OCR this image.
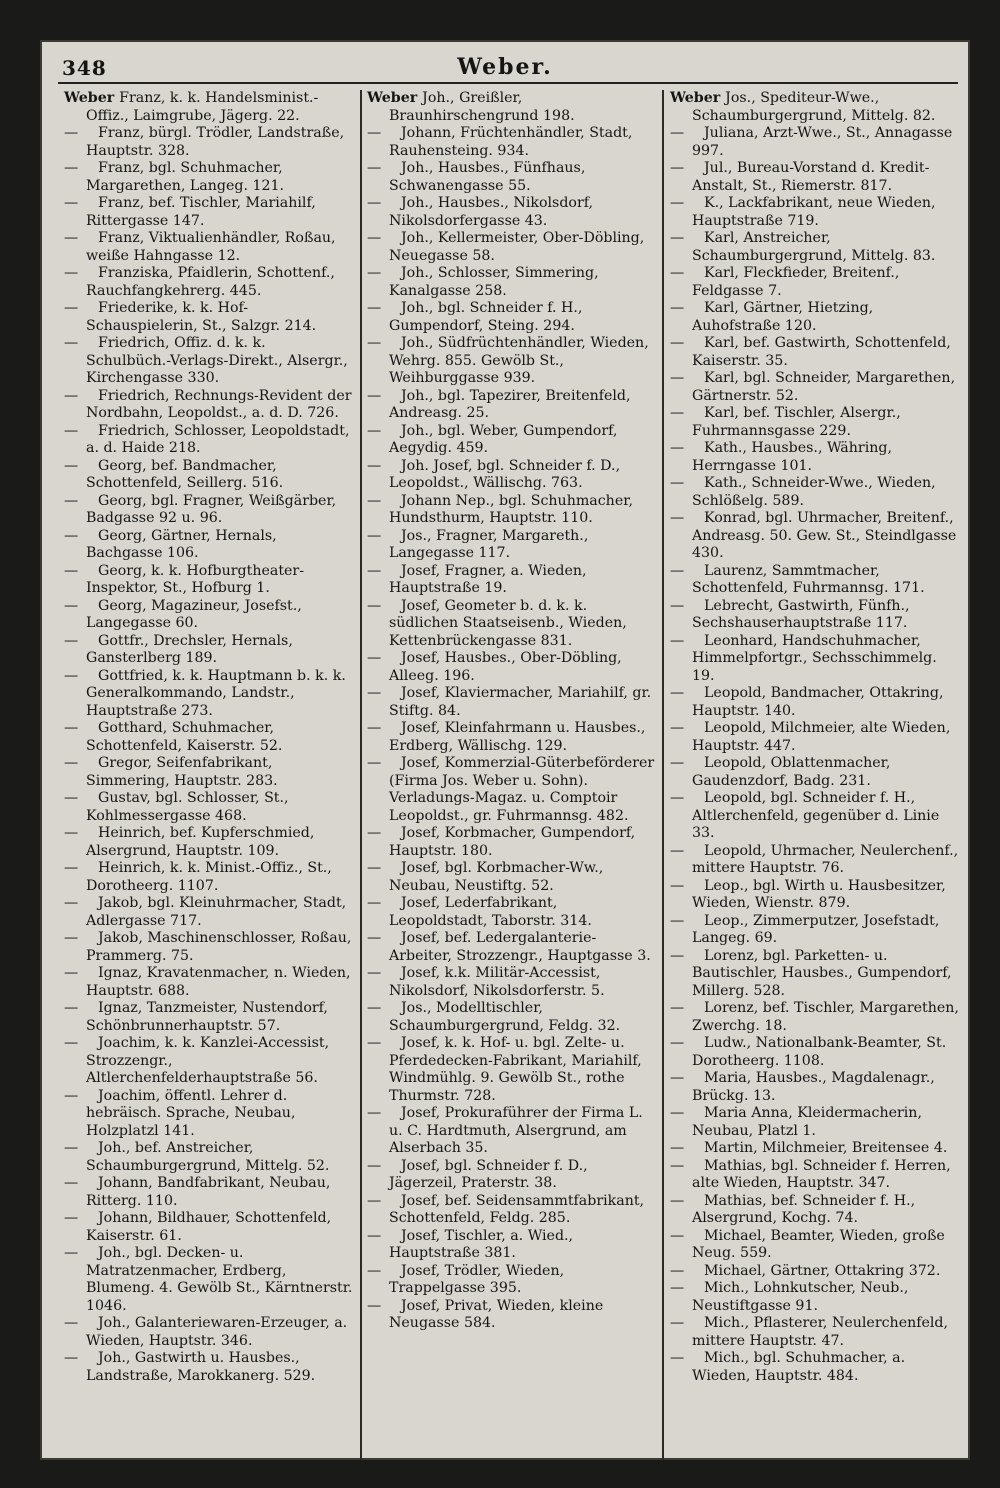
348	Weber.

Weber Franz, k. k. Handelsminist.-Offiz., Laimgrube, Jägerg. 22.

—Franz, bürgl. Trödler, Landstraße, Hauptstr. 328.

—Franz, bgl. Schuhmacher, Margarethen, Langeg. 121.

—Franz, bef. Tischler, Mariahilf, Rittergasse 147.

—Franz, Viktualienhändler, Roßau, weiße Hahngasse 12.

—Franziska, Pfaidlerin, Schottenf., Rauchfangkehrerg. 445.

—Friederike, k. k. Hof-Schauspielerin, St., Salzgr. 214.

—Friedrich, Offiz. d. k. k. Schulbüch.-Verlags-Direkt., Alsergr., Kirchengasse 330.

—Friedrich, Rechnungs-Revident der Nordbahn, Leopoldst., a. d. D. 726.

—Friedrich, Schlosser, Leopoldstadt, a. d. Haide 218.

—Georg, bef. Bandmacher, Schottenfeld, Seillerg. 516.

—Georg, bgl. Fragner, Weißgärber, Badgasse 92 u. 96.

—Georg, Gärtner, Hernals, Bachgasse 106.

—Georg, k. k. Hofburgtheater-Inspektor, St., Hofburg 1.

—Georg, Magazineur, Josefst., Langegasse 60.

—Gottfr., Drechsler, Hernals, Gansterlberg 189.

—Gottfried, k. k. Hauptmann b. k. k. Generalkommando, Landstr., Hauptstraße 273.

—Gotthard, Schuhmacher, Schottenfeld, Kaiserstr. 52.

—Gregor, Seifenfabrikant, Simmering, Hauptstr. 283.

—Gustav, bgl. Schlosser, St., Kohlmessergasse 468.

—Heinrich, bef. Kupferschmied, Alsergrund, Hauptstr. 109.

—Heinrich, k. k. Minist.-Offiz., St., Dorotheerg. 1107.

—Jakob, bgl. Kleinuhrmacher, Stadt, Adlergasse 717.

—Jakob, Maschinenschlosser, Roßau, Prammerg. 75.

—Ignaz, Kravatenmacher, n. Wieden, Hauptstr. 688.

—Ignaz, Tanzmeister, Nustendorf, Schönbrunnerhauptstr. 57.

—Joachim, k. k. Kanzlei-Accessist, Strozzengr., Altlerchenfelderhauptstraße 56.

—Joachim, öffentl. Lehrer d. hebräisch. Sprache, Neubau, Holzplatzl 141.

—Joh., bef. Anstreicher, Schaumburgergrund, Mittelg. 52.

—Johann, Bandfabrikant, Neubau, Ritterg. 110.

—Johann, Bildhauer, Schottenfeld, Kaiserstr. 61.

—Joh., bgl. Decken- u. Matratzenmacher, Erdberg, Blumeng. 4. Gewölb St., Kärntnerstr. 1046.

—Joh., Galanteriewaren-Erzeuger, a. Wieden, Hauptstr. 346.

—Joh., Gastwirth u. Hausbes., Landstraße, Marokkanerg. 529.

Weber Joh., Greißler, Braunhirschengrund 198.

—Johann, Früchtenhändler, Stadt, Rauhensteing. 934.

—Joh., Hausbes., Fünfhaus, Schwanengasse 55.

—Joh., Hausbes., Nikolsdorf, Nikolsdorfergasse 43.

—Joh., Kellermeister, Ober-Döbling, Neuegasse 58.

—Joh., Schlosser, Simmering, Kanalgasse 258.

—Joh., bgl. Schneider f. H., Gumpendorf, Steing. 294.

—Joh., Südfrüchtenhändler, Wieden, Wehrg. 855. Gewölb St., Weihburggasse 939.

—Joh., bgl. Tapezirer, Breitenfeld, Andreasg. 25.

—Joh., bgl. Weber, Gumpendorf, Aegydig. 459.

—Joh. Josef, bgl. Schneider f. D., Leopoldst., Wällischg. 763.

—Johann Nep., bgl. Schuhmacher, Hundsthurm, Hauptstr. 110.

—Jos., Fragner, Margareth., Langegasse 117.

—Josef, Fragner, a. Wieden, Hauptstraße 19.

—Josef, Geometer b. d. k. k. südlichen Staatseisenb., Wieden, Kettenbrückengasse 831.

—Josef, Hausbes., Ober-Döbling, Alleeg. 196.

—Josef, Klaviermacher, Mariahilf, gr. Stiftg. 84.

—Josef, Kleinfahrmann u. Hausbes., Erdberg, Wällischg. 129.

—Josef, Kommerzial-Güterbeförderer (Firma Jos. Weber u. Sohn). Verladungs-Magaz. u. Comptoir Leopoldst., gr. Fuhrmannsg. 482.

—Josef, Korbmacher, Gumpendorf, Hauptstr. 180.

—Josef, bgl. Korbmacher-Ww., Neubau, Neustiftg. 52.

—Josef, Lederfabrikant, Leopoldstadt, Taborstr. 314.

—Josef, bef. Ledergalanterie-Arbeiter, Strozzengr., Hauptgasse 3.

—Josef, k.k. Militär-Accessist, Nikolsdorf, Nikolsdorferstr. 5.

—Jos., Modelltischler, Schaumburgergrund, Feldg. 32.

—Josef, k. k. Hof- u. bgl. Zelte- u. Pferdedecken-Fabrikant, Mariahilf, Windmühlg. 9. Gewölb St., rothe Thurmstr. 728.

—Josef, Prokuraführer der Firma L. u. C. Hardtmuth, Alsergrund, am Alserbach 35.

—Josef, bgl. Schneider f. D., Jägerzeil, Praterstr. 38.

—Josef, bef. Seidensammtfabrikant, Schottenfeld, Feldg. 285.

—Josef, Tischler, a. Wied., Hauptstraße 381.

—Josef, Trödler, Wieden, Trappelgasse 395.

—Josef, Privat, Wieden, kleine Neugasse 584.

Weber Jos., Spediteur-Wwe., Schaumburgergrund, Mittelg. 82.

—Juliana, Arzt-Wwe., St., Annagasse 997.

—Jul., Bureau-Vorstand d. Kredit-Anstalt, St., Riemerstr. 817.

—K., Lackfabrikant, neue Wieden, Hauptstraße 719.

—Karl, Anstreicher, Schaumburgergrund, Mittelg. 83.

—Karl, Fleckfieder, Breitenf., Feldgasse 7.

—Karl, Gärtner, Hietzing, Auhofstraße 120.

—Karl, bef. Gastwirth, Schottenfeld, Kaiserstr. 35.

—Karl, bgl. Schneider, Margarethen, Gärtnerstr. 52.

—Karl, bef. Tischler, Alsergr., Fuhrmannsgasse 229.

—Kath., Hausbes., Währing, Herrngasse 101.

—Kath., Schneider-Wwe., Wieden, Schlößelg. 589.

—Konrad, bgl. Uhrmacher, Breitenf., Andreasg. 50. Gew. St., Steindlgasse 430.

—Laurenz, Sammtmacher, Schottenfeld, Fuhrmannsg. 171.

—Lebrecht, Gastwirth, Fünfh., Sechshauserhauptstraße 117.

—Leonhard, Handschuhmacher, Himmelpfortgr., Sechsschimmelg. 19.

—Leopold, Bandmacher, Ottakring, Hauptstr. 140.

—Leopold, Milchmeier, alte Wieden, Hauptstr. 447.

—Leopold, Oblattenmacher, Gaudenzdorf, Badg. 231.

—Leopold, bgl. Schneider f. H., Altlerchenfeld, gegenüber d. Linie 33.

—Leopold, Uhrmacher, Neulerchenf., mittere Hauptstr. 76.

—Leop., bgl. Wirth u. Hausbesitzer, Wieden, Wienstr. 879.

—Leop., Zimmerputzer, Josefstadt, Langeg. 69.

—Lorenz, bgl. Parketten- u. Bautischler, Hausbes., Gumpendorf, Millerg. 528.

—Lorenz, bef. Tischler, Margarethen, Zwerchg. 18.

—Ludw., Nationalbank-Beamter, St. Dorotheerg. 1108.

—Maria, Hausbes., Magdalenagr., Brückg. 13.

—Maria Anna, Kleidermacherin, Neubau, Platzl 1.

—Martin, Milchmeier, Breitensee 4.

—Mathias, bgl. Schneider f. Herren, alte Wieden, Hauptstr. 347.

—Mathias, bef. Schneider f. H., Alsergrund, Kochg. 74.

—Michael, Beamter, Wieden, große Neug. 559.

—Michael, Gärtner, Ottakring 372.

—Mich., Lohnkutscher, Neub., Neustiftgasse 91.

—Mich., Pflasterer, Neulerchenfeld, mittere Hauptstr. 47.

—Mich., bgl. Schuhmacher, a. Wieden, Hauptstr. 484.
